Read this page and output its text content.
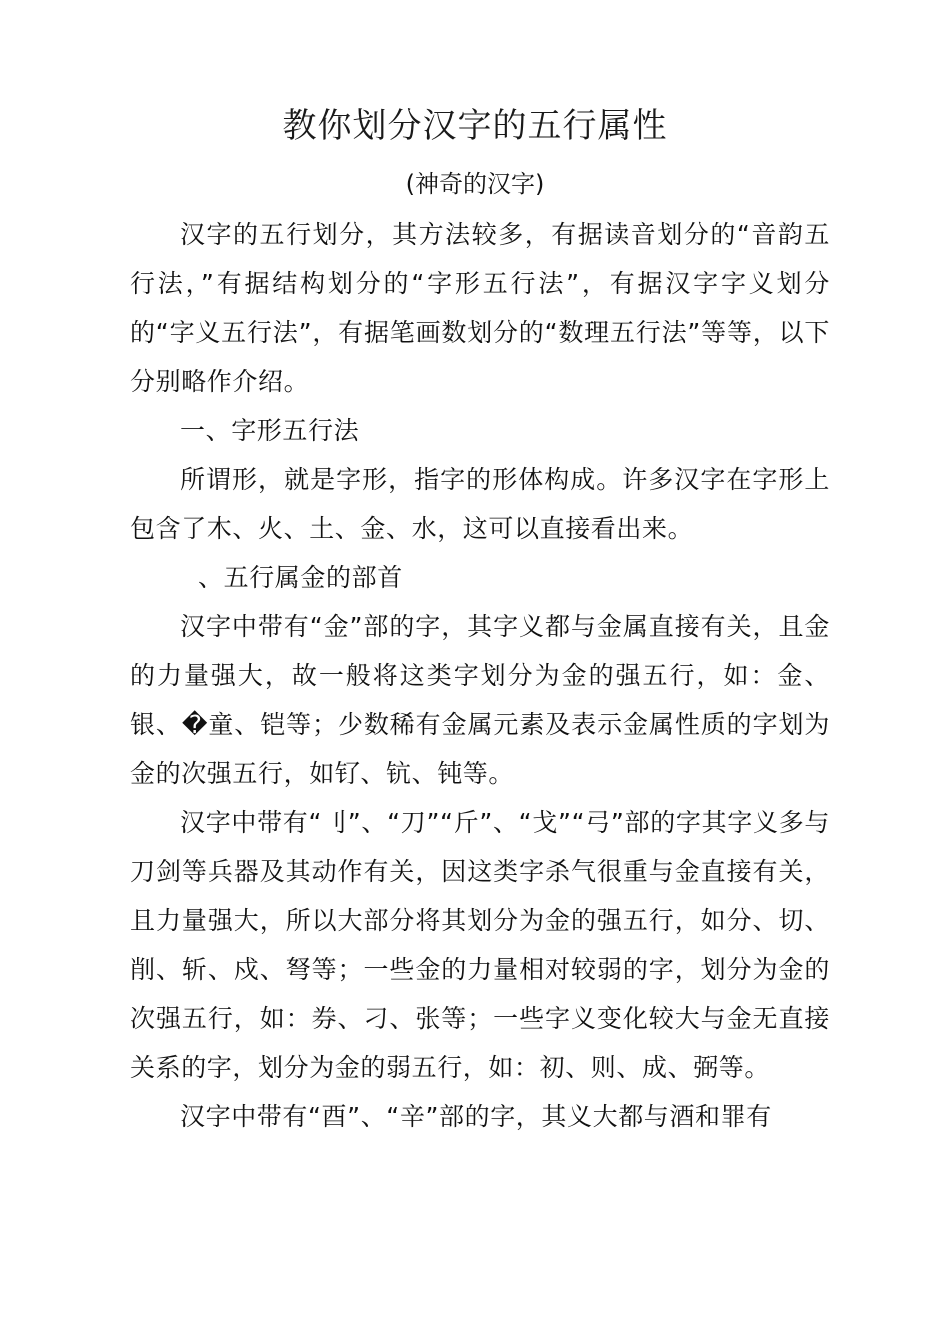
教你划分汉字的五行属性
(神奇的汉字)

汉字的五行划分，其方法较多，有据读音划分的“音韵五行法，”有据结构划分的“字形五行法”，有据汉字字义划分的“字义五行法”，有据笔画数划分的“数理五行法”等等，以下分别略作介绍。

一、字形五行法

所谓形，就是字形，指字的形体构成。许多汉字在字形上包含了木、火、土、金、水，这可以直接看出来。

、五行属金的部首

汉字中带有“金”部的字，其字义都与金属直接有关，且金的力量强大，故一般将这类字划分为金的强五行，如：金、银、�童、铠等；少数稀有金属元素及表示金属性质的字划为金的次强五行，如钌、钪、钝等。

汉字中带有“刂”、“刀”“斤”、“戈”“弓”部的字其字义多与刀剑等兵器及其动作有关，因这类字杀气很重与金直接有关，且力量强大，所以大部分将其划分为金的强五行，如分、切、削、斩、戍、弩等；一些金的力量相对较弱的字，划分为金的次强五行，如：券、刁、张等；一些字义变化较大与金无直接关系的字，划分为金的弱五行，如：初、则、成、弼等。

汉字中带有“酉”、“辛”部的字，其义大都与酒和罪有
